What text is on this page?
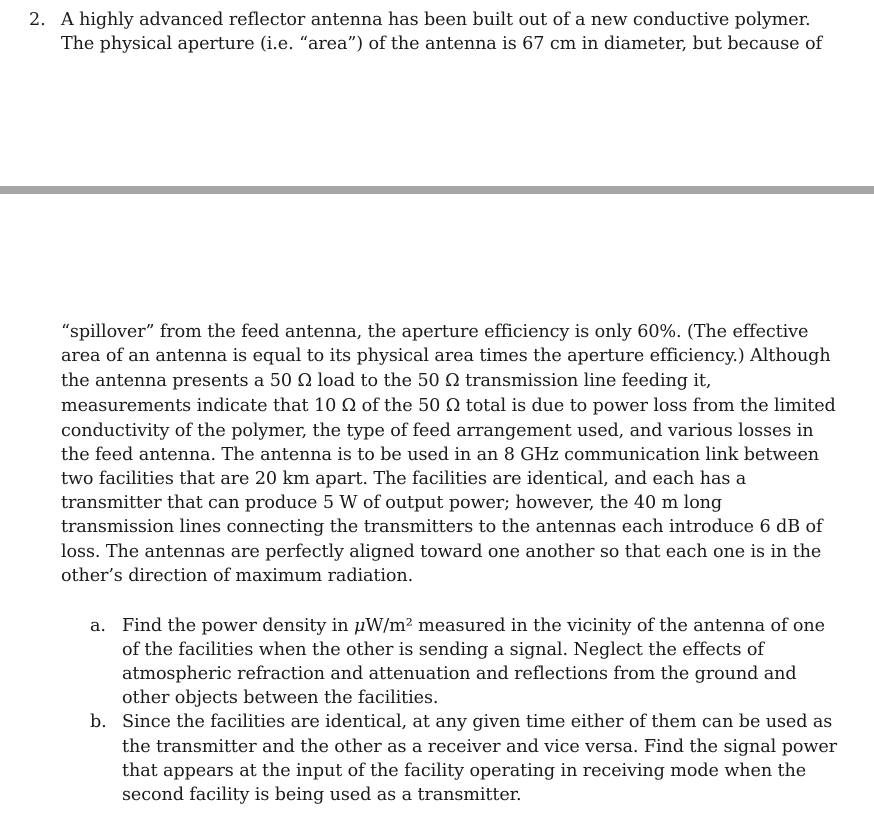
2. A highly advanced reflector antenna has been built out of a new conductive polymer.
The physical aperture (i.e. “area”) of the antenna is 67 cm in diameter, but because of
“spillover” from the feed antenna, the aperture efficiency is only 60%. (The effective
area of an antenna is equal to its physical area times the aperture efficiency.) Although
the antenna presents a 50 Ω load to the 50 Ω transmission line feeding it,
measurements indicate that 10 Ω of the 50 Ω total is due to power loss from the limited
conductivity of the polymer, the type of feed arrangement used, and various losses in
the feed antenna. The antenna is to be used in an 8 GHz communication link between
two facilities that are 20 km apart. The facilities are identical, and each has a
transmitter that can produce 5 W of output power; however, the 40 m long
transmission lines connecting the transmitters to the antennas each introduce 6 dB of
loss. The antennas are perfectly aligned toward one another so that each one is in the
other’s direction of maximum radiation.
a. Find the power density in μW/m² measured in the vicinity of the antenna of one
of the facilities when the other is sending a signal. Neglect the effects of
atmospheric refraction and attenuation and reflections from the ground and
other objects between the facilities.
b. Since the facilities are identical, at any given time either of them can be used as
the transmitter and the other as a receiver and vice versa. Find the signal power
that appears at the input of the facility operating in receiving mode when the
second facility is being used as a transmitter.
